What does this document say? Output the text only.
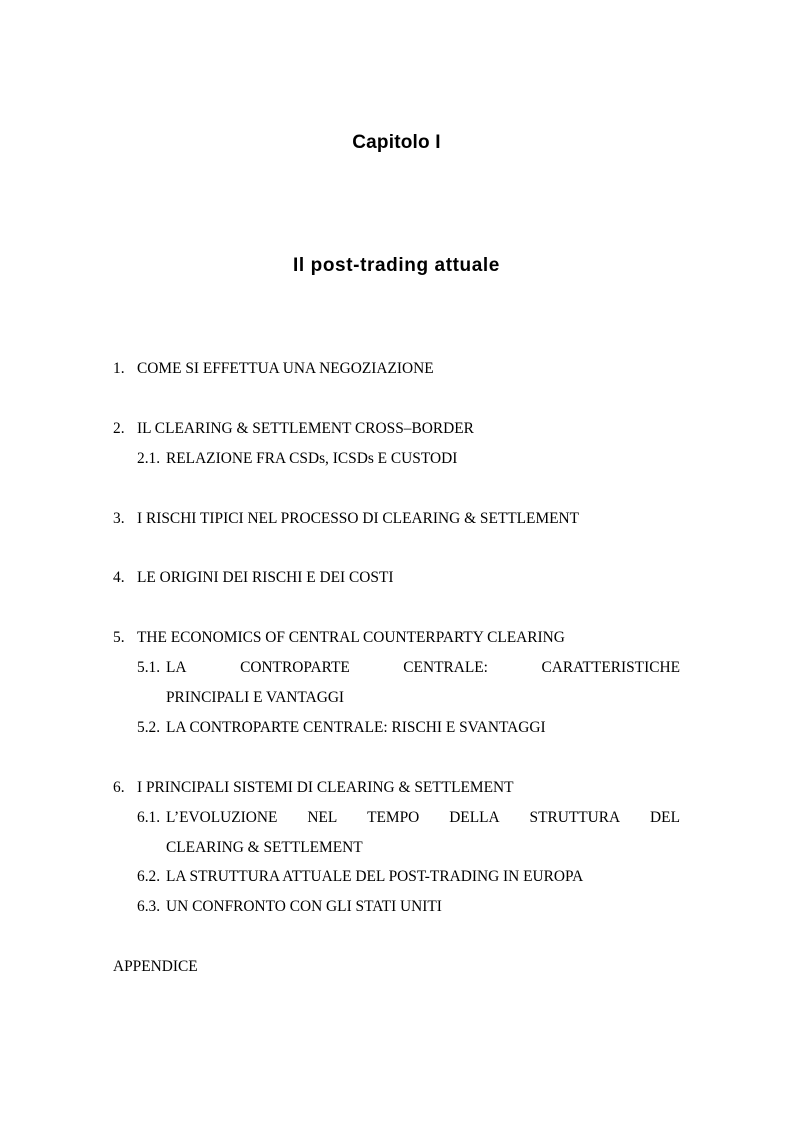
Capitolo I
Il post-trading attuale
1. COME SI EFFETTUA UNA NEGOZIAZIONE
2. IL CLEARING & SETTLEMENT CROSS–BORDER
2.1. RELAZIONE FRA CSDs, ICSDs E CUSTODI
3. I RISCHI TIPICI NEL PROCESSO DI CLEARING & SETTLEMENT
4. LE ORIGINI DEI RISCHI E DEI COSTI
5. THE ECONOMICS OF CENTRAL COUNTERPARTY CLEARING
5.1. LA	CONTROPARTE	CENTRALE:	CARATTERISTICHE
PRINCIPALI E VANTAGGI
5.2. LA CONTROPARTE CENTRALE: RISCHI E SVANTAGGI
6. I PRINCIPALI SISTEMI DI CLEARING & SETTLEMENT
6.1. L’EVOLUZIONE NEL TEMPO DELLA STRUTTURA DEL
CLEARING & SETTLEMENT
6.2. LA STRUTTURA ATTUALE DEL POST-TRADING IN EUROPA
6.3. UN CONFRONTO CON GLI STATI UNITI
APPENDICE
